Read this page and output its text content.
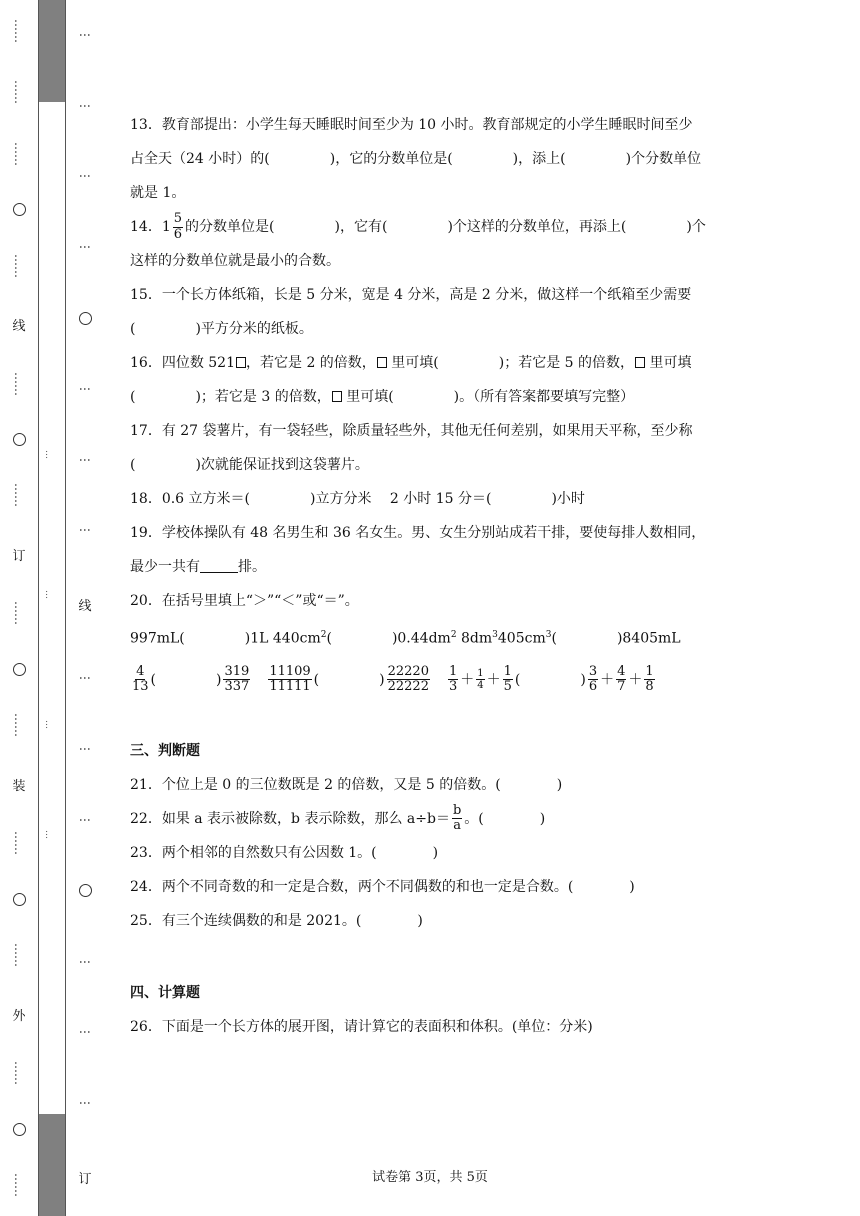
……
……
……
……
线
……
……
订
……
……
装
……
……
外
……
……
…
…
…
…
⋮
⋮
⋮
⋮
⋮
⋮
⋮
线
⋮
⋮
⋮
⋮
⋮
⋮
订

13．教育部提出：小学生每天睡眠时间至少为 10 小时。教育部规定的小学生睡眠时间至少

占全天（24 小时）的(	)，它的分数单位是(	)，添上(	)个分数单位

就是 1。

14．$1 \frac{5}{6}$ 的分数单位是(	)，它有(	)个这样的分数单位，再添上(	)个

这样的分数单位就是最小的合数。

15．一个长方体纸箱，长是 5 分米，宽是 4 分米，高是 2 分米，做这样一个纸箱至少需要

(	)平方分米的纸板。

16．四位数 521 ，若它是 2 的倍数， 里可填(	)；若它是 5 的倍数， 里可填

(	)；若它是 3 的倍数， 里可填(	)。（所有答案都要填写完整）

17．有 27 袋薯片，有一袋轻些，除质量轻些外，其他无任何差别，如果用天平称，至少称

(	)次就能保证找到这袋薯片。

18．0.6 立方米＝(	)立方分米　 2 小时 15 分＝(	)小时

19．学校体操队有 48 名男生和 36 名女生。男、女生分别站成若干排，要使每排人数相同，

最少一共有	排。

20．在括号里填上“＞”“＜”或“＝”。

997mL(	)1L $440cm^2$(	)$0.44dm^2$ $8dm^3405cm^3$(	)8405mL

$\frac{4}{13}$ (	) $\frac{319}{337} \frac{11109}{11111}$ (	) $\frac{22220}{22222} \frac{1}{3} + \frac{1}{4} + \frac{1}{5}$ (	) $\frac{3}{6} + \frac{4}{7} + \frac{1}{8}$

三、判断题

21．个位上是 0 的三位数既是 2 的倍数，又是 5 的倍数。(　　　　)

22．如果 a 表示被除数，b 表示除数，那么 $a\div b= \frac{b}{a}$ 。(　　　　)

23．两个相邻的自然数只有公因数 1。(　　　　)

24．两个不同奇数的和一定是合数，两个不同偶数的和也一定是合数。(　　　　)

25．有三个连续偶数的和是 2021。(　　　　)

四、计算题

26．下面是一个长方体的展开图，请计算它的表面积和体积。(单位：分米)

试卷第 3页，共 5页
